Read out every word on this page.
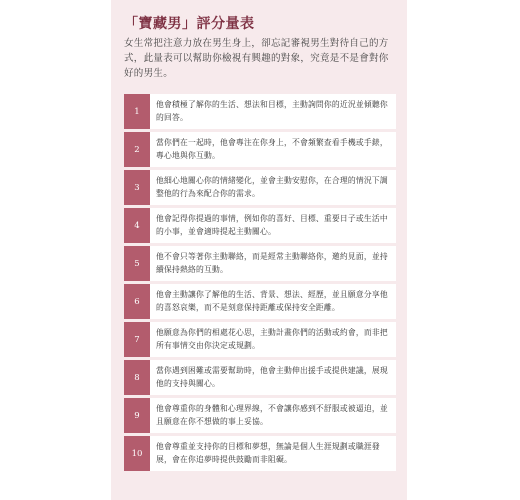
「寶藏男」評分量表
女生常把注意力放在男生身上，卻忘記審視男生對待自己的方式，此量表可以幫助你檢視有興趣的對象，究竟是不是會對你好的男生。
1
他會積極了解你的生活、想法和目標，主動詢問你的近況並傾聽你的回答。
2
當你們在一起時，他會專注在你身上，不會頻繁查看手機或手錶，專心地與你互動。
3
他細心地關心你的情緒變化，並會主動安慰你，在合理的情況下調整他的行為來配合你的需求。
4
他會記得你提過的事情，例如你的喜好、目標、重要日子或生活中的小事，並會適時提起主動關心。
5
他不會只等著你主動聯絡，而是經常主動聯絡你，邀約見面，並持續保持熱絡的互動。
6
他會主動讓你了解他的生活、背景、想法、經歷，並且願意分享他的喜怒哀樂，而不是刻意保持距離或保持安全距離。
7
他願意為你們的相處花心思，主動計畫你們的活動或約會，而非把所有事情交由你決定或規劃。
8
當你遇到困難或需要幫助時，他會主動伸出援手或提供建議，展現他的支持與關心。
9
他會尊重你的身體和心理界線，不會讓你感到不舒服或被逼迫，並且願意在你不想做的事上妥協。
10
他會尊重並支持你的目標和夢想，無論是個人生涯規劃或職涯發展，會在你追夢時提供鼓勵而非阻礙。
